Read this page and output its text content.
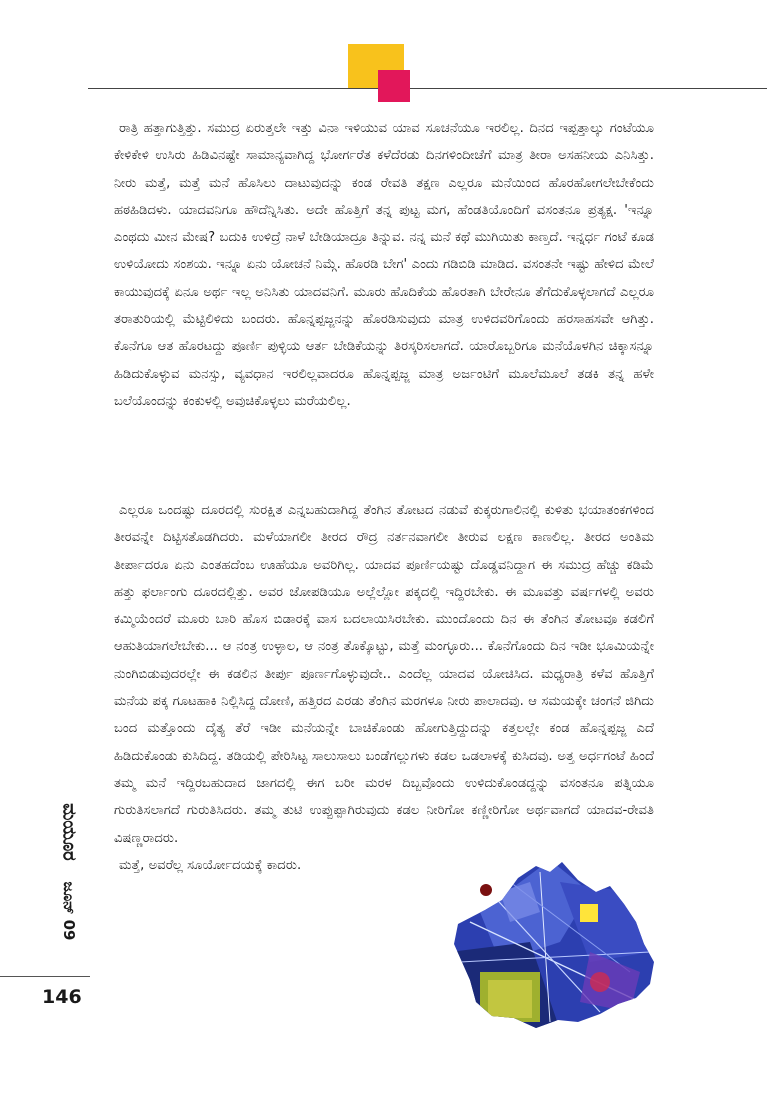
ರಾತ್ರಿ ಹತ್ತಾಗುತ್ತಿತ್ತು. ಸಮುದ್ರ ಏರುತ್ತಲೇ ಇತ್ತು ವಿನಾ ಇಳಿಯುವ ಯಾವ ಸೂಚನೆಯೂ ಇರಲಿಲ್ಲ. ದಿನದ ಇಪ್ಪತ್ತಾಲ್ಕು ಗಂಟೆಯೂ ಕೇಳಿಕೇಳಿ ಉಸಿರು ಹಿಡಿವಿನಷ್ಟೇ ಸಾಮಾನ್ಯವಾಗಿದ್ದ ಭೋರ್ಗರೆತ ಕಳೆದೆರಡು ದಿನಗಳಿಂದೀಚೆಗೆ ಮಾತ್ರ ತೀರಾ ಅಸಹನೀಯ ಎನಿಸಿತ್ತು. ನೀರು ಮತ್ತೆ, ಮತ್ತೆ ಮನೆ ಹೊಸಿಲು ದಾಟುವುದನ್ನು ಕಂಡ ರೇವತಿ ತಕ್ಷಣ ಎಲ್ಲರೂ ಮನೆಯಿಂದ ಹೊರಹೋಗಲೇಬೇಕೆಂದು ಹಠಹಿಡಿದಳು. ಯಾದವನಿಗೂ ಹೌದೆನ್ನಿಸಿತು. ಅದೇ ಹೊತ್ತಿಗೆ ತನ್ನ ಪುಟ್ಟ ಮಗ, ಹೆಂಡತಿಯೊಂದಿಗೆ ವಸಂತನೂ ಪ್ರತ್ಯಕ್ಷ. 'ಇನ್ನೂ ಎಂಥದು ಮೀನ ಮೇಷ? ಬದುಕಿ ಉಳಿದ್ರೆ ನಾಳೆ ಬೇಡಿಯಾದ್ರೂ ತಿನ್ನುವ. ನನ್ನ ಮನೆ ಕಥೆ ಮುಗಿಯಿತು ಕಾಣ್ತದೆ. ಇನ್ನರ್ಧ ಗಂಟೆ ಕೂಡ ಉಳಿಯೋದು ಸಂಶಯ. ಇನ್ನೂ ಏನು ಯೋಚನೆ ನಿಮ್ಗೆ. ಹೊರಡಿ ಬೇಗ' ಎಂದು ಗಡಿಬಿಡಿ ಮಾಡಿದ. ವಸಂತನೇ ಇಷ್ಟು ಹೇಳಿದ ಮೇಲೆ ಕಾಯುವುದಕ್ಕೆ ಏನೂ ಅರ್ಥ ಇಲ್ಲ ಅನಿಸಿತು ಯಾದವನಿಗೆ. ಮೂರು ಹೊದಿಕೆಯ ಹೊರತಾಗಿ ಬೇರೇನೂ ತೆಗೆದುಕೊಳ್ಳಲಾಗದೆ ಎಲ್ಲರೂ ತರಾತುರಿಯಲ್ಲಿ ಮೆಟ್ಟಿಲಿಳಿದು ಬಂದರು. ಹೊನ್ನಪ್ಪಜ್ಜನನ್ನು ಹೊರಡಿಸುವುದು ಮಾತ್ರ ಉಳಿದವರಿಗೊಂದು ಹರಸಾಹಸವೇ ಆಗಿತ್ತು. ಕೊನೆಗೂ ಆತ ಹೊರಟದ್ದು ಪೂರ್ಣಿ ಪುಳ್ಳಿಯ ಆರ್ತ ಬೇಡಿಕೆಯನ್ನು ತಿರಸ್ಕರಿಸಲಾಗದೆ. ಯಾರೊಬ್ಬರಿಗೂ ಮನೆಯೊಳಗಿನ ಚಿಕ್ಕಾಸನ್ನೂ ಹಿಡಿದುಕೊಳ್ಳುವ ಮನಸ್ಸು, ವ್ಯವಧಾನ ಇರಲಿಲ್ಲವಾದರೂ ಹೊನ್ನಪ್ಪಜ್ಜ ಮಾತ್ರ ಅರ್ಜಂಟಿಗೆ ಮೂಲೆಮೂಲೆ ತಡಕಿ ತನ್ನ ಹಳೇ ಬಲೆಯೊಂದನ್ನು ಕಂಕುಳಲ್ಲಿ ಅವುಚಿಕೊಳ್ಳಲು ಮರೆಯಲಿಲ್ಲ.

ಎಲ್ಲರೂ ಒಂದಷ್ಟು ದೂರದಲ್ಲಿ ಸುರಕ್ಷಿತ ಎನ್ನಬಹುದಾಗಿದ್ದ ತೆಂಗಿನ ತೋಟದ ನಡುವೆ ಕುಕ್ಕರುಗಾಲಿನಲ್ಲಿ ಕುಳಿತು ಭಯಾತಂಕಗಳಿಂದ ತೀರವನ್ನೇ ದಿಟ್ಟಿಸತೊಡಗಿದರು. ಮಳೆಯಾಗಲೀ ತೀರದ ರೌದ್ರ ನರ್ತನವಾಗಲೀ ತೀರುವ ಲಕ್ಷಣ ಕಾಣಲಿಲ್ಲ. ತೀರದ ಅಂತಿಮ ತೀರ್ಪಾದರೂ ಏನು ಎಂತಹದೆಂಬ ಊಹೆಯೂ ಅವರಿಗಿಲ್ಲ. ಯಾದವ ಪೂರ್ಣಿಯಷ್ಟು ದೊಡ್ಡವನಿದ್ದಾಗ ಈ ಸಮುದ್ರ ಹೆಚ್ಚು ಕಡಿಮೆ ಹತ್ತು ಫರ್ಲಾಂಗು ದೂರದಲ್ಲಿತ್ತು. ಅವರ ಜೋಪಡಿಯೂ ಅಲ್ಲೆಲ್ಲೋ ಪಕ್ಕದಲ್ಲಿ ಇದ್ದಿರಬೇಕು. ಈ ಮೂವತ್ತು ವರ್ಷಗಳಲ್ಲಿ ಅವರು ಕಮ್ಮಿಯೆಂದರೆ ಮೂರು ಬಾರಿ ಹೊಸ ಬಿಡಾರಕ್ಕೆ ವಾಸ ಬದಲಾಯಿಸಿರಬೇಕು. ಮುಂದೊಂದು ದಿನ ಈ ತೆಂಗಿನ ತೋಟವೂ ಕಡಲಿಗೆ ಆಹುತಿಯಾಗಲೇಬೇಕು... ಆ ನಂತ್ರ ಉಳ್ಳಾಲ, ಆ ನಂತ್ರ ತೊಕ್ಕೊಟ್ಟು, ಮತ್ತೆ ಮಂಗ್ಳೂರು... ಕೊನೆಗೊಂದು ದಿನ ಇಡೀ ಭೂಮಿಯನ್ನೇ ನುಂಗಿಬಿಡುವುದರಲ್ಲೇ ಈ ಕಡಲಿನ ತೀರ್ಪು ಪೂರ್ಣಗೊಳ್ಳುವುದೇ.. ಎಂದೆಲ್ಲ ಯಾದವ ಯೋಚಿಸಿದ. ಮಧ್ಯರಾತ್ರಿ ಕಳೆವ ಹೊತ್ತಿಗೆ ಮನೆಯ ಪಕ್ಕ ಗೂಟಹಾಕಿ ನಿಲ್ಲಿಸಿದ್ದ ದೋಣಿ, ಹತ್ತಿರದ ಎರಡು ತೆಂಗಿನ ಮರಗಳೂ ನೀರು ಪಾಲಾದವು. ಆ ಸಮಯಕ್ಕೇ ಚಂಗನೆ ಜಿಗಿದು ಬಂದ ಮತ್ತೊಂದು ದೈತ್ಯ ತೆರೆ ಇಡೀ ಮನೆಯನ್ನೇ ಬಾಚಿಕೊಂಡು ಹೋಗುತ್ತಿದ್ದುದನ್ನು ಕತ್ತಲಲ್ಲೇ ಕಂಡ ಹೊನ್ನಪ್ಪಜ್ಜ ಎದೆ ಹಿಡಿದುಕೊಂಡು ಕುಸಿದಿದ್ದ. ತಡಿಯಲ್ಲಿ ಪೇರಿಸಿಟ್ಟ ಸಾಲುಸಾಲು ಬಂಡೆಗಲ್ಲುಗಳು ಕಡಲ ಒಡಲಾಳಕ್ಕೆ ಕುಸಿದವು. ಅತ್ತ ಅರ್ಧಗಂಟೆ ಹಿಂದೆ ತಮ್ಮ ಮನೆ ಇದ್ದಿರಬಹುದಾದ ಜಾಗದಲ್ಲಿ ಈಗ ಬರೀ ಮರಳ ದಿಬ್ಬವೊಂದು ಉಳಿದುಕೊಂಡದ್ದನ್ನು ವಸಂತನೂ ಪತ್ನಿಯೂ ಗುರುತಿಸಲಾಗದೆ ಗುರುತಿಸಿದರು. ತಮ್ಮ ತುಟಿ ಉಪ್ಪುಪ್ಪಾಗಿರುವುದು ಕಡಲ ನೀರಿಗೋ ಕಣ್ಣೀರಿಗೋ ಅರ್ಥವಾಗದೆ ಯಾದವ-ರೇವತಿ ವಿಷಣ್ಣರಾದರು.

ಮತ್ತೆ, ಅವರೆಲ್ಲ ಸೂರ್ಯೋದಯಕ್ಕೆ ಕಾದರು.

ಮಯೂರ
ಜೂನ್ 09
146
